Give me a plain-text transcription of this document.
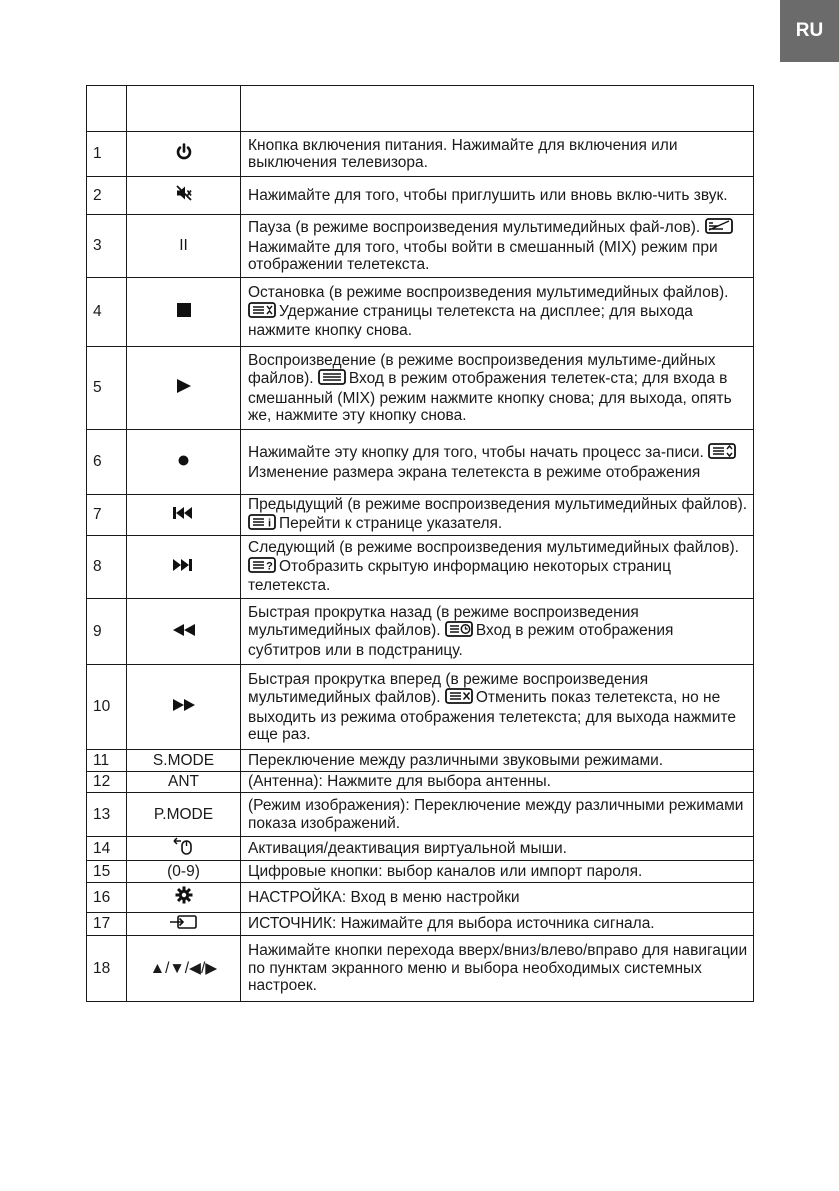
RU

1		Кнопка включения питания. Нажимайте для включения или выключения телевизора.
2		Нажимайте для того, чтобы приглушить или вновь вклю-чить звук.
3	II	Пауза (в режиме воспроизведения мультимедийных фай-лов). Нажимайте для того, чтобы войти в смешанный (MIX) режим при отображении телетекста.
4		Остановка (в режиме воспроизведения мультимедийных файлов). Удержание страницы телетекста на дисплее; для выхода нажмите кнопку снова.
5		Воспроизведение (в режиме воспроизведения мультиме-дийных файлов). Вход в режим отображения телетек-ста; для входа в смешанный (MIX) режим нажмите кнопку снова; для выхода, опять же, нажмите эту кнопку снова.
6		Нажимайте эту кнопку для того, чтобы начать процесс за-писи. Изменение размера экрана телетекста в режиме отображения
7		Предыдущий (в режиме воспроизведения мультимедийных файлов).
i Перейти к странице указателя.
8		Следующий (в режиме воспроизведения мультимедийных файлов).
? Отобразить скрытую информацию некоторых страниц телетекста.
9		Быстрая прокрутка назад (в режиме воспроизведения мультимедийных файлов). Вход в режим отображения субтитров или в подстраницу.
10		Быстрая прокрутка вперед (в режиме воспроизведения мультимедийных файлов). Отменить показ телетекста, но не выходить из режима отображения телетекста; для выхода нажмите еще раз.
11	S.MODE	Переключение между различными звуковыми режимами.
12	ANT	(Антенна): Нажмите для выбора антенны.
13	P.MODE	(Режим изображения): Переключение между различными режимами показа изображений.
14		Активация/деактивация виртуальной мыши.
15	(0-9)	Цифровые кнопки: выбор каналов или импорт пароля.
16		НАСТРОЙКА: Вход в меню настройки
17		ИСТОЧНИК: Нажимайте для выбора источника сигнала.
18	▲/▼/◀/▶	Нажимайте кнопки перехода вверх/вниз/влево/вправо для навигации по пунктам экранного меню и выбора необходимых системных настроек.
